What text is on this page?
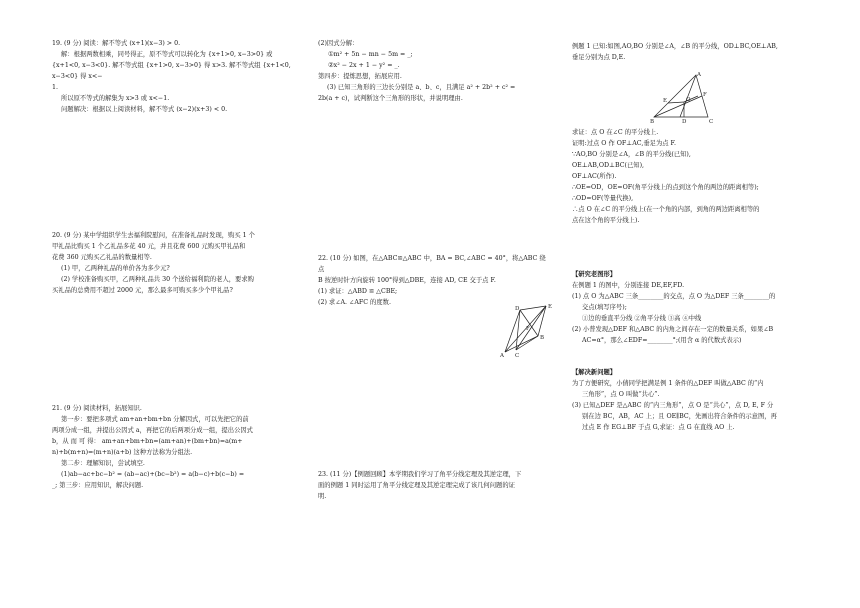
19. (9 分) 阅读：解不等式 (x+1)(x−3) > 0.

解：根据两数相乘，同号得正，原不等式可以转化为 {x+1>0, x−3>0} 或

{x+1<0, x−3<0}. 解不等式组 {x+1>0, x−3>0} 得 x>3. 解不等式组 {x+1<0, x−3<0} 得 x<−

1.

所以原不等式的解集为 x>3 或 x<−1.

问题解决：根据以上阅读材料，解不等式 (x−2)(x+3) < 0.

20. (9 分) 某中学组织学生去福利院慰问，在准备礼品时发现，购买 1 个

甲礼品比购买 1 个乙礼品多花 40 元，并且花费 600 元购买甲礼品和

花费 360 元购买乙礼品的数量相等.

(1) 甲，乙两种礼品的单价各为多少元?

(2) 学校准备购买甲，乙两种礼品共 30 个送给福利院的老人，要求购

买礼品的总费用不超过 2000 元，那么最多可购买多少个甲礼品?

21. (9 分) 阅读材料，拓展知识.

第一步：要把多项式 am+an+bm+bn 分解因式，可以先把它的前

两项分成一组，并提出公因式 a，再把它的后两项分成一组，提出公因式

b，从 而 可 得： am+an+bm+bn=(am+an)+(bm+bn)=a(m+

n)+b(m+n)=(m+n)(a+b) 这种方法称为分组法.

第二步：理解知识，尝试填空.

(1)ab−ac+bc−b² = (ab−ac)+(bc−b²) = a(b−c)+b(c−b) =

_; 第三步：应用知识，解决问题.

(2)因式分解：

①m² + 5n − mn − 5m = _;

②x² − 2x + 1 − y² = _.

第四步：提炼思想，拓展应用.

(3) 已知三角形的三边长分别是 a、b、c，且满足 a² + 2b² + c² =

2b(a + c)，试判断这个三角形的形状，并说明理由.

22. (10 分) 如图，在△ABC≌△ABC 中，BA = BC,∠ABC = 40°，将△ABC 绕点

B 按逆时针方向旋转 100°得到△DBE，连接 AD, CE 交于点 F.

(1) 求证：△ABD ≌ △CBE;

(2) 求∠A. ∠AFC 的度数.

E
D
B
F
A C

23. (11 分)【例题回顾】本学期我们学习了角平分线定理及其逆定理，下

面的例题 1 同时运用了角平分线定理及其逆定理完成了该几何问题的证

明.

例题 1 已知:如图,AO,BO 分别是∠A，∠B 的平分线，OD⊥BC,OE⊥AB,

垂足分别为点 D,E.

A
E
F
O
B	D	C

求证：点 O 在∠C 的平分线上.

证明:过点 O 作 OF⊥AC,垂足为点 F.

∵AO,BO 分别是∠A，∠B 的平分线(已知),

OE⊥AB,OD⊥BC(已知),

OF⊥AC(所作).

∴OE=OD，OE=OF(角平分线上的点到这个角的两边的距离相等);

∴OD=OF(等量代换),

∴点 O 在∠C 的平分线上(在一个角的内部，到角的两边距离相等的

点在这个角的平分线上).

【研究老图形】

在例题 1 的图中，分别连接 DE,EF,FD.

(1) 点 O 为△ABC 三条________的交点，点 O 为△DEF 三条________的

交点(填写序号);

①边的垂直平分线 ②角平分线 ③高 ④中线

(2) 小普发现△DEF 和△ABC 的内角之间存在一定的数量关系，如果∠B

AC=α°，那么∠EDF=________°;(用含 α 的代数式表示)

【解决新问题】

为了方便研究，小倩同学把满足例 1 条件的△DEF 叫做△ABC 的“内

三角形”，点 O 叫做“共心”.

(3) 已知△DEF 是△ABC 的“内三角形”，点 O 是“共心”，点 D, E, F 分

别在边 BC，AB，AC 上；且 OE∥BC，先画出符合条件的示意图，再

过点 E 作 EG⊥BF 于点 G,求证：点 G 在直线 AO 上.
